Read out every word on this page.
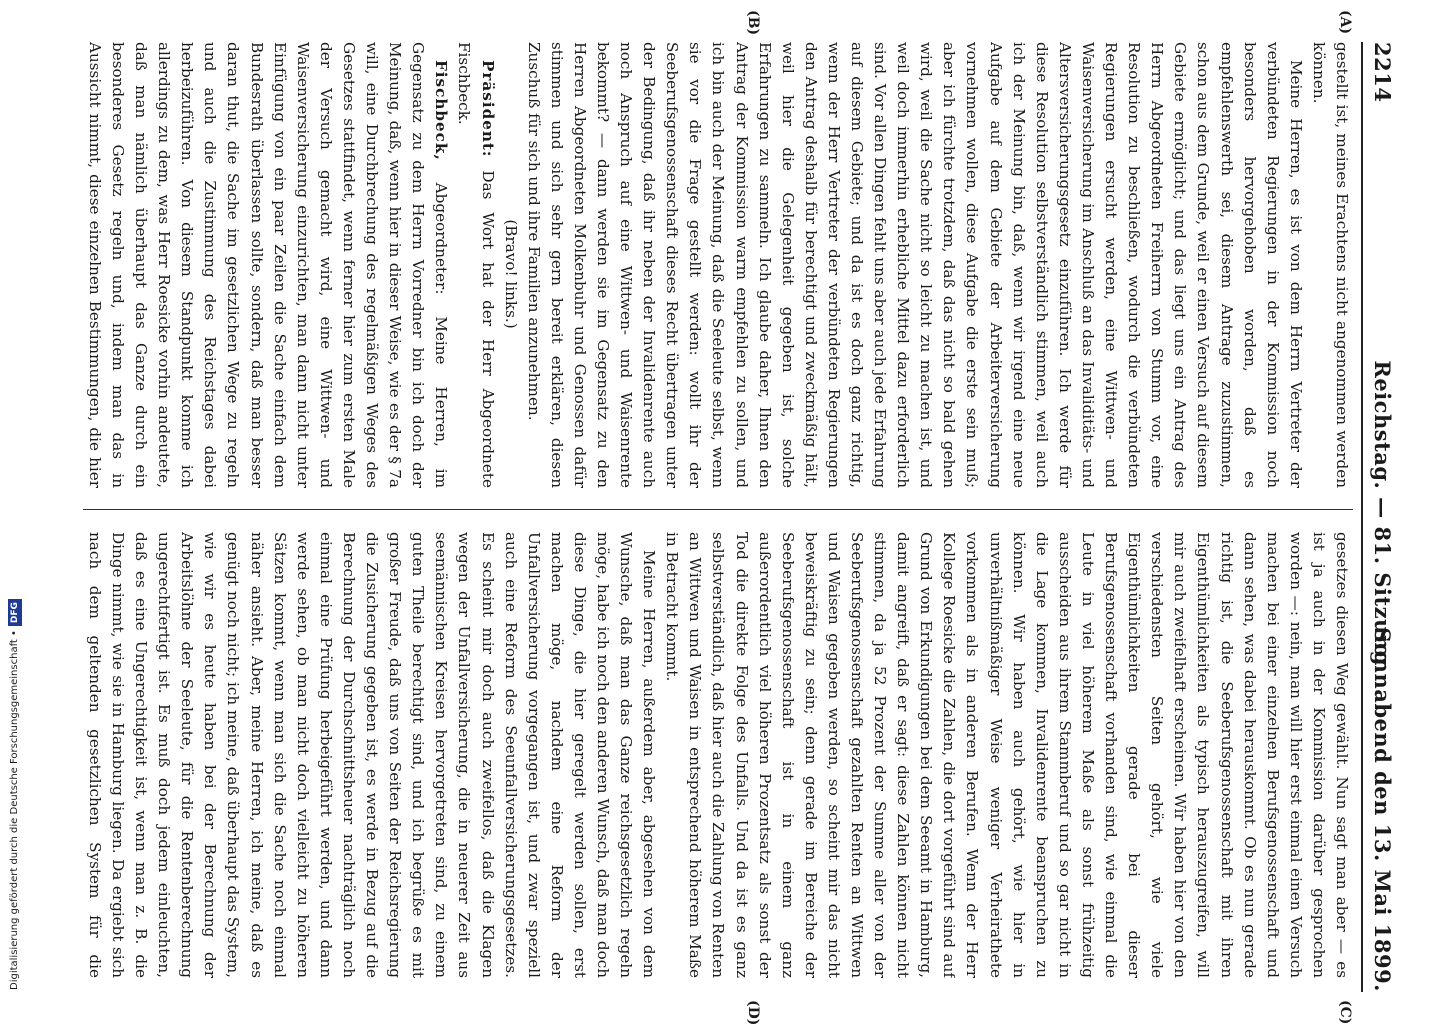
2214
Reichstag. — 81. Sitzung.
Sonnabend den 13. Mai 1899.
(A)
(B)
(C)
(D)

gestellt ist, meines Erachtens nicht angenommen werden können.

Meine Herren, es ist von dem Herrn Vertreter der verbündeten Regierungen in der Kommission noch besonders hervorgehoben worden, daß es empfehlenswerth sei, diesem Antrage zuzustimmen, schon aus dem Grunde, weil er einen Versuch auf diesem Gebiete ermöglicht; und das liegt uns ein Antrag des Herrn Abgeordneten Freiherrn von Stumm vor, eine Resolution zu beschließen, wodurch die verbündeten Regierungen ersucht werden, eine Wittwen- und Waisenversicherung im Anschluß an das Invaliditäts- und Altersversicherungsgesetz einzuführen. Ich werde für diese Resolution selbstverständlich stimmen, weil auch ich der Meinung bin, daß, wenn wir irgend eine neue Aufgabe auf dem Gebiete der Arbeiterversicherung vornehmen wollen, diese Aufgabe die erste sein muß; aber ich fürchte trotzdem, daß das nicht so bald gehen wird, weil die Sache nicht so leicht zu machen ist, und weil doch immerhin erhebliche Mittel dazu erforderlich sind. Vor allen Dingen fehlt uns aber auch jede Erfahrung auf diesem Gebiete; und da ist es doch ganz richtig, wenn der Herr Vertreter der verbündeten Regierungen den Antrag deshalb für berechtigt und zweckmäßig hält, weil hier die Gelegenheit gegeben ist, solche Erfahrungen zu sammeln. Ich glaube daher, Ihnen den Antrag der Kommission warm empfehlen zu sollen, und ich bin auch der Meinung, daß die Seeleute selbst, wenn sie vor die Frage gestellt werden: wollt ihr der Seeberufsgenossenschaft dieses Recht übertragen unter der Bedingung, daß ihr neben der Invalidenrente auch noch Anspruch auf eine Wittwen- und Waisenrente bekommt? — dann werden sie im Gegensatz zu den Herren Abgeordneten Molkenbuhr und Genossen dafür stimmen und sich sehr gern bereit erklären, diesen Zuschuß für sich und ihre Familien anzunehmen.

(Bravo! links.)

Präsident: Das Wort hat der Herr Abgeordnete Fischbeck.

Fischbeck, Abgeordneter: Meine Herren, im Gegensatz zu dem Herrn Vorredner bin ich doch der Meinung, daß, wenn hier in dieser Weise, wie es der § 7a will, eine Durchbrechung des regelmäßigen Weges des Gesetzes stattfindet, wenn ferner hier zum ersten Male der Versuch gemacht wird, eine Wittwen- und Waisenversicherung einzurichten, man dann nicht unter Einfügung von ein paar Zeilen die Sache einfach dem Bundesrath überlassen sollte, sondern, daß man besser daran thut, die Sache im gesetzlichen Wege zu regeln und auch die Zustimmung des Reichstages dabei herbeizuführen. Von diesem Standpunkt komme ich allerdings zu dem, was Herr Roesicke vorhin andeutete, daß man nämlich überhaupt das Ganze durch ein besonderes Gesetz regeln und, indem man das in Aussicht nimmt, diese einzelnen Bestimmungen, die hier

gesetzes diesen Weg gewählt. Nun sagt man aber — es ist ja auch in der Kommission darüber gesprochen worden —: nein, man will hier erst einmal einen Versuch machen bei einer einzelnen Berufsgenossenschaft und dann sehen, was dabei herauskommt. Ob es nun gerade richtig ist, die Seeberufsgenossenschaft mit ihren Eigenthümlichkeiten als typisch herauszugreifen, will mir auch zweifelhaft erscheinen. Wir haben hier von den verschiedensten Seiten gehört, wie viele Eigenthümlichkeiten gerade bei dieser Berufsgenossenschaft vorhanden sind, wie einmal die Leute in viel höherem Maße als sonst frühzeitig ausscheiden aus ihrem Stammberuf und so gar nicht in die Lage kommen, Invalidenrente beanspruchen zu können. Wir haben auch gehört, wie hier in unverhältnißmäßiger Weise weniger Verheirathete vorkommen als in anderen Berufen. Wenn der Herr Kollege Roesicke die Zahlen, die dort vorgeführt sind auf Grund von Erkundigungen bei dem Seeamt in Hamburg, damit angreift, daß er sagt: diese Zahlen können nicht stimmen, da ja 52 Prozent der Summe aller von der Seeberufsgenossenschaft gezahlten Renten an Wittwen und Waisen gegeben werden, so scheint mir das nicht beweiskräftig zu sein; denn gerade im Bereiche der Seeberufsgenossenschaft ist in einem ganz außerordentlich viel höheren Prozentsatz als sonst der Tod die direkte Folge des Unfalls. Und da ist es ganz selbstverständlich, daß hier auch die Zahlung von Renten an Wittwen und Waisen in entsprechend höherem Maße in Betracht kommt.

Meine Herren, außerdem aber, abgesehen von dem Wunsche, daß man das Ganze reichsgesetzlich regeln möge, habe ich noch den anderen Wunsch, daß man doch diese Dinge, die hier geregelt werden sollen, erst machen möge, nachdem eine Reform der Unfallversicherung vorgegangen ist, und zwar speziell auch eine Reform des Seeunfallversicherungsgesetzes. Es scheint mir doch auch zweifellos, daß die Klagen wegen der Unfallversicherung, die in neuerer Zeit aus seemännischen Kreisen hervorgetreten sind, zu einem guten Theile berechtigt sind, und ich begrüße es mit großer Freude, daß uns von Seiten der Reichsregierung die Zusicherung gegeben ist, es werde in Bezug auf die Berechnung der Durchschnittsheuer nachträglich noch einmal eine Prüfung herbeigeführt werden, und dann werde sehen, ob man nicht doch vielleicht zu höheren Sätzen kommt, wenn man sich die Sache noch einmal näher ansieht. Aber, meine Herren, ich meine, daß es genügt noch nicht; ich meine, daß überhaupt das System, wie wir es heute haben bei der Berechnung der Arbeitslöhne der Seeleute, für die Rentenberechnung ungerechtfertigt ist. Es muß doch jedem einleuchten, daß es eine Ungerechtigkeit ist, wenn man z. B. die Dinge nimmt, wie sie in Hamburg liegen. Da ergiebt sich nach dem geltenden gesetzlichen System für die

Digitalisierung gefördert durch die Deutsche Forschungsgemeinschaft •DFG
